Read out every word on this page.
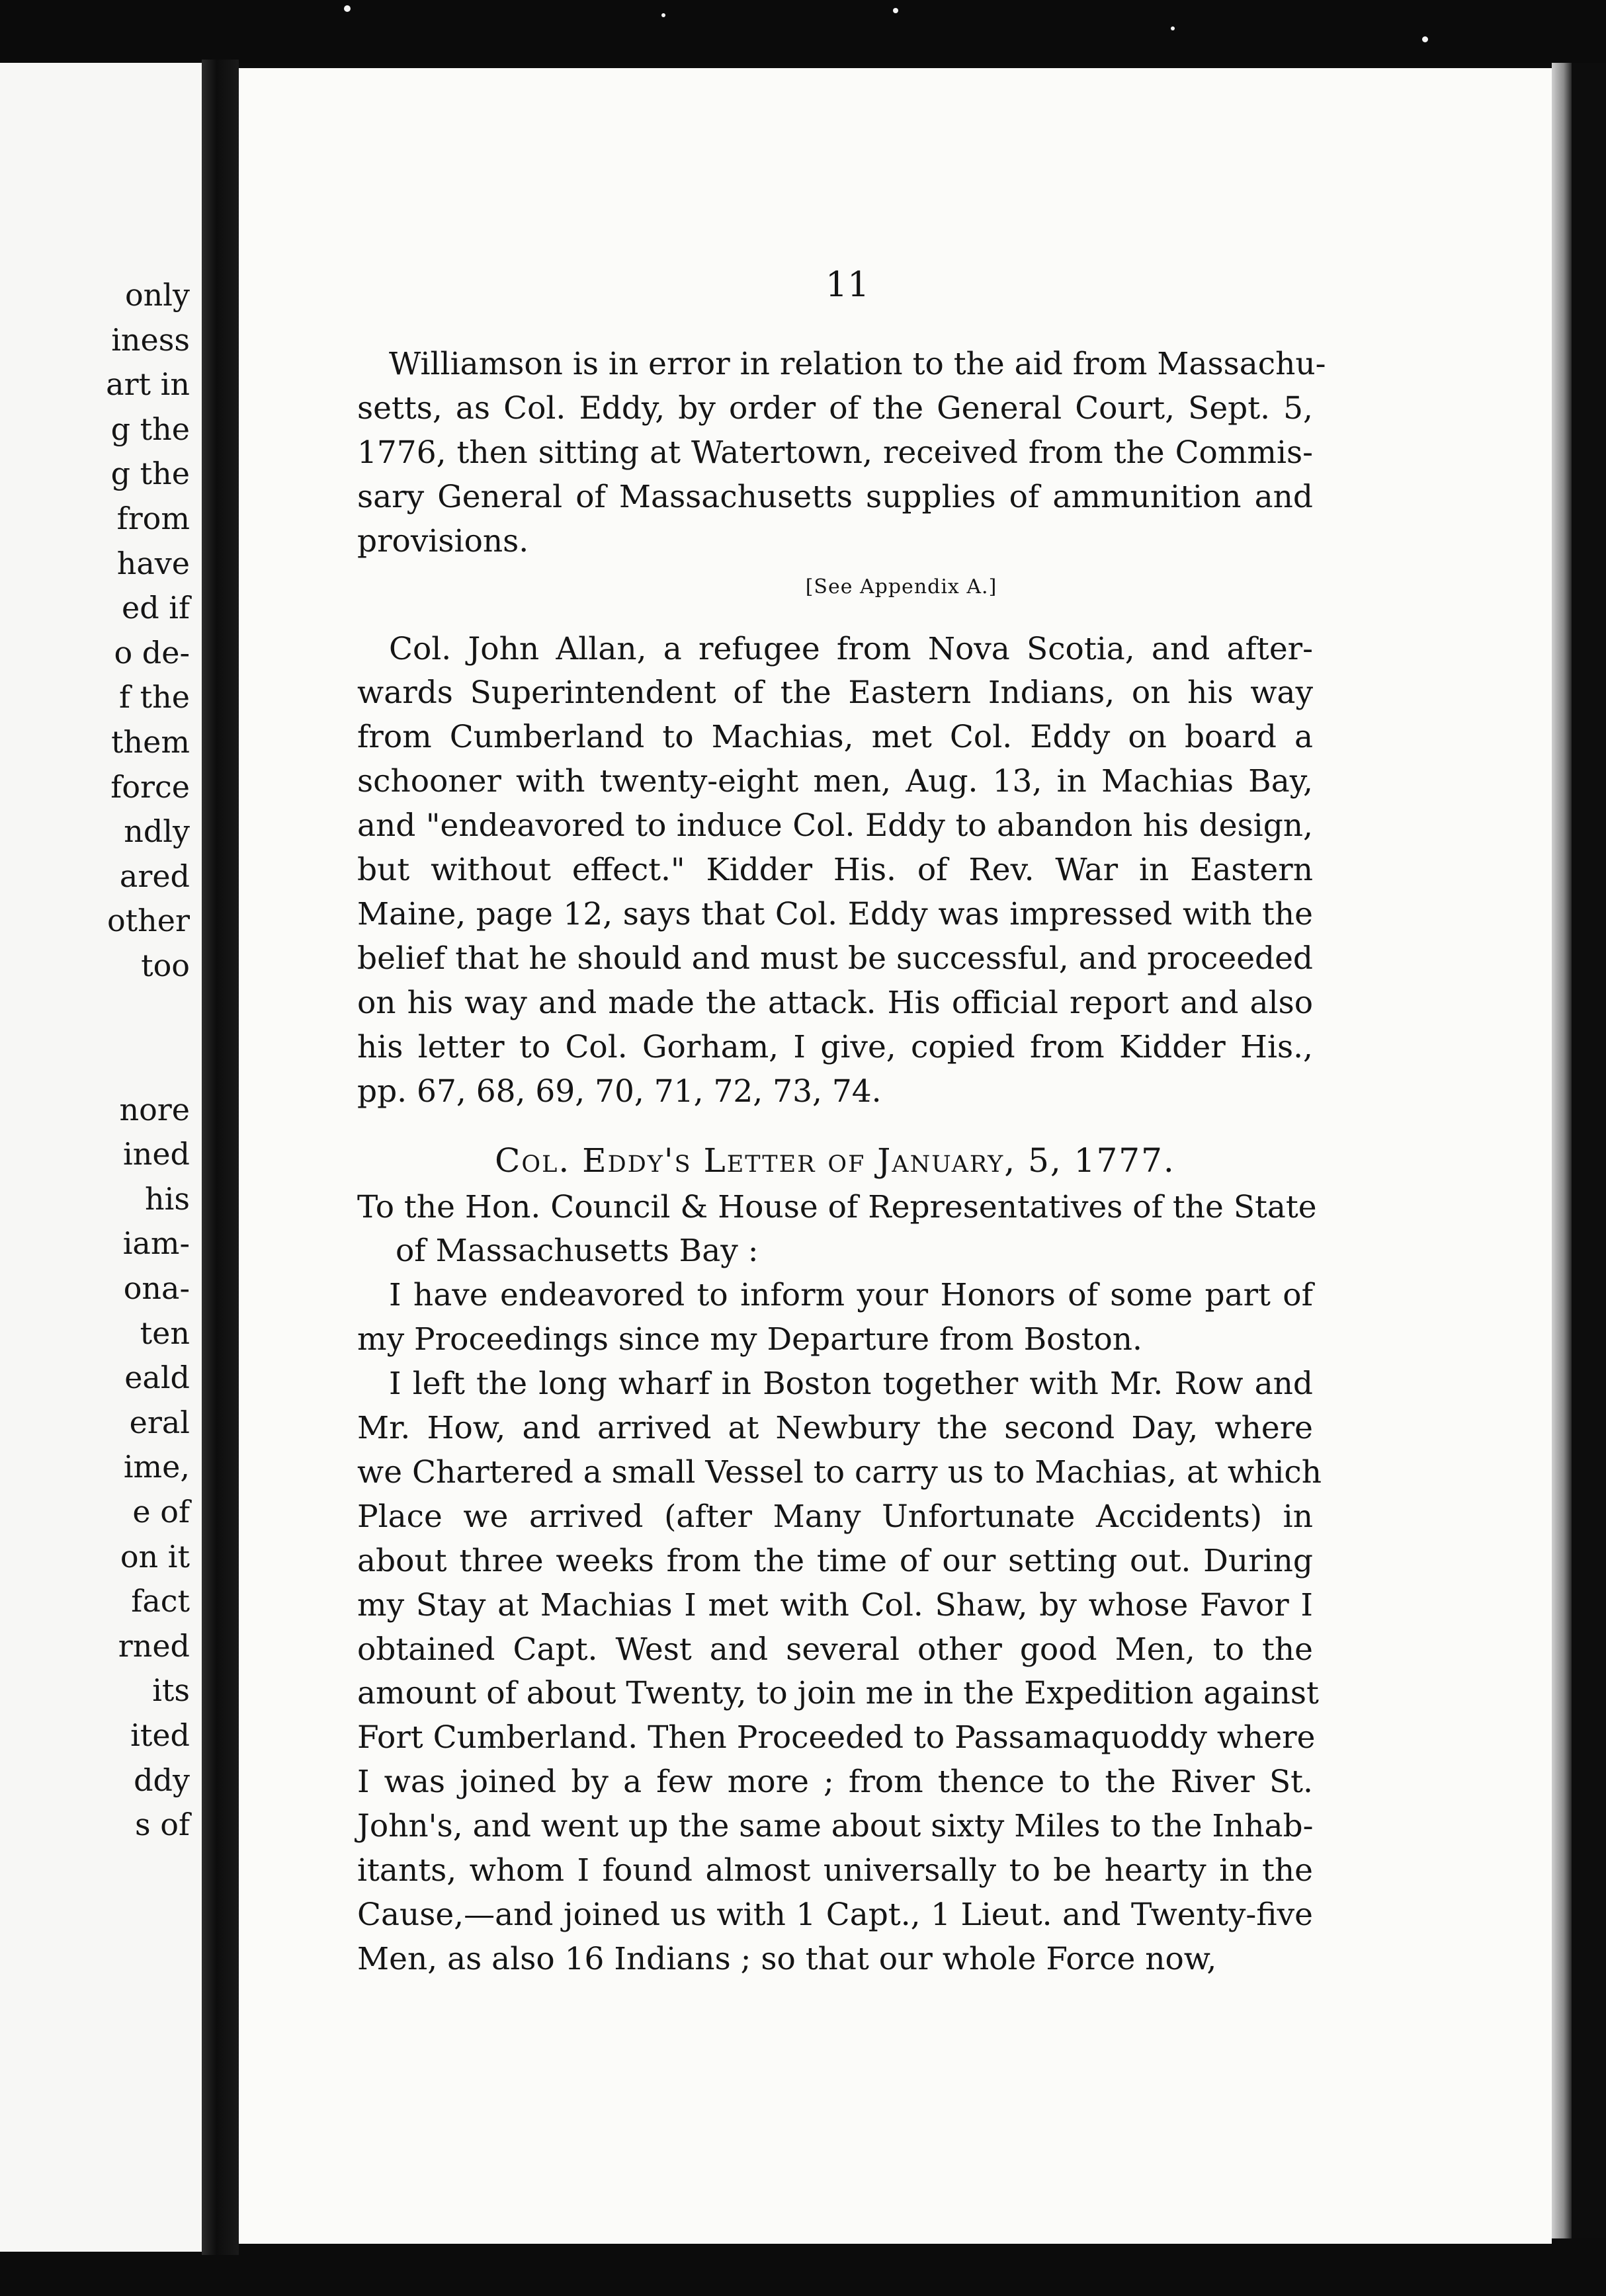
only
iness
art in
g the
g the
from
have
ed if
o de-
f the
them
force
ndly
ared
other
too
nore
ined
his
iam-
ona-
ten
eald
eral
ime,
e of
on it
fact
rned
its
ited
ddy
s of
11
Williamson is in error in relation to the aid from Massachu-
setts, as Col. Eddy, by order of the General Court, Sept. 5,
1776, then sitting at Watertown, received from the Commis-
sary General of Massachusetts supplies of ammunition and
provisions.
[See Appendix A.]
Col. John Allan, a refugee from Nova Scotia, and after-
wards Superintendent of the Eastern Indians, on his way
from Cumberland to Machias, met Col. Eddy on board a
schooner with twenty-eight men, Aug. 13, in Machias Bay,
and "endeavored to induce Col. Eddy to abandon his design,
but without effect." Kidder His. of Rev. War in Eastern
Maine, page 12, says that Col. Eddy was impressed with the
belief that he should and must be successful, and proceeded
on his way and made the attack. His official report and also
his letter to Col. Gorham, I give, copied from Kidder His.,
pp. 67, 68, 69, 70, 71, 72, 73, 74.
Col. Eddy's Letter of January, 5, 1777.
To the Hon. Council & House of Representatives of the State
of Massachusetts Bay :
I have endeavored to inform your Honors of some part of
my Proceedings since my Departure from Boston.
I left the long wharf in Boston together with Mr. Row and
Mr. How, and arrived at Newbury the second Day, where
we Chartered a small Vessel to carry us to Machias, at which
Place we arrived (after Many Unfortunate Accidents) in
about three weeks from the time of our setting out. During
my Stay at Machias I met with Col. Shaw, by whose Favor I
obtained Capt. West and several other good Men, to the
amount of about Twenty, to join me in the Expedition against
Fort Cumberland. Then Proceeded to Passamaquoddy where
I was joined by a few more ; from thence to the River St.
John's, and went up the same about sixty Miles to the Inhab-
itants, whom I found almost universally to be hearty in the
Cause,—and joined us with 1 Capt., 1 Lieut. and Twenty-five
Men, as also 16 Indians ; so that our whole Force now,
